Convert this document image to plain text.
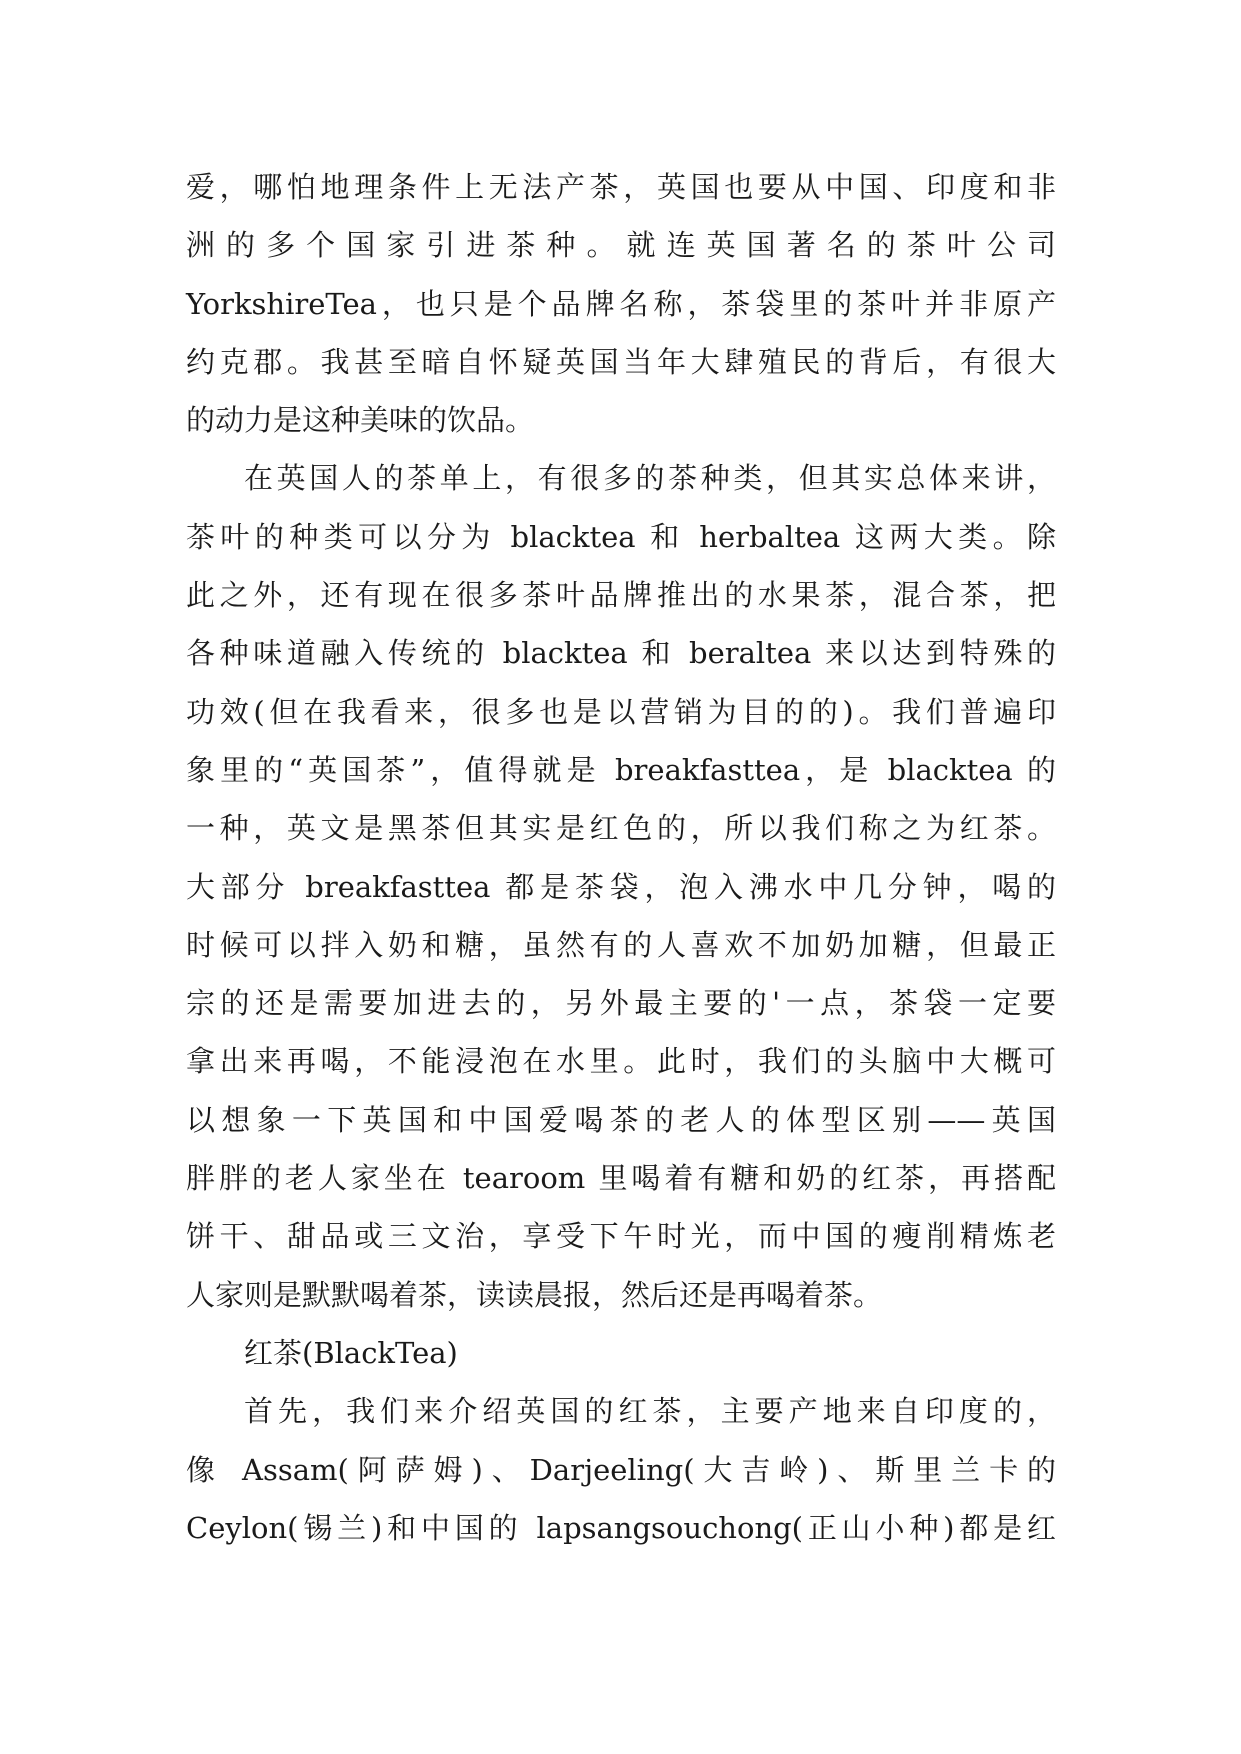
爱，哪怕地理条件上无法产茶，英国也要从中国、印度和非
洲的多个国家引进茶种。就连英国著名的茶叶公司
YorkshireTea，也只是个品牌名称，茶袋里的茶叶并非原产
约克郡。我甚至暗自怀疑英国当年大肆殖民的背后，有很大
的动力是这种美味的饮品。
在英国人的茶单上，有很多的茶种类，但其实总体来讲，
茶叶的种类可以分为 blacktea 和 herbaltea 这两大类。除
此之外，还有现在很多茶叶品牌推出的水果茶，混合茶，把
各种味道融入传统的 blacktea 和 beraltea 来以达到特殊的
功效(但在我看来，很多也是以营销为目的的)。我们普遍印
象里的“英国茶”，值得就是 breakfasttea，是 blacktea 的
一种，英文是黑茶但其实是红色的，所以我们称之为红茶。
大部分 breakfasttea 都是茶袋，泡入沸水中几分钟，喝的
时候可以拌入奶和糖，虽然有的人喜欢不加奶加糖，但最正
宗的还是需要加进去的，另外最主要的'一点，茶袋一定要
拿出来再喝，不能浸泡在水里。此时，我们的头脑中大概可
以想象一下英国和中国爱喝茶的老人的体型区别——英国
胖胖的老人家坐在 tearoom 里喝着有糖和奶的红茶，再搭配
饼干、甜品或三文治，享受下午时光，而中国的瘦削精炼老
人家则是默默喝着茶，读读晨报，然后还是再喝着茶。
红茶(BlackTea)
首先，我们来介绍英国的红茶，主要产地来自印度的，
像 Assam(阿萨姆)、Darjeeling(大吉岭)、斯里兰卡的
Ceylon(锡兰)和中国的 lapsangsouchong(正山小种)都是红
